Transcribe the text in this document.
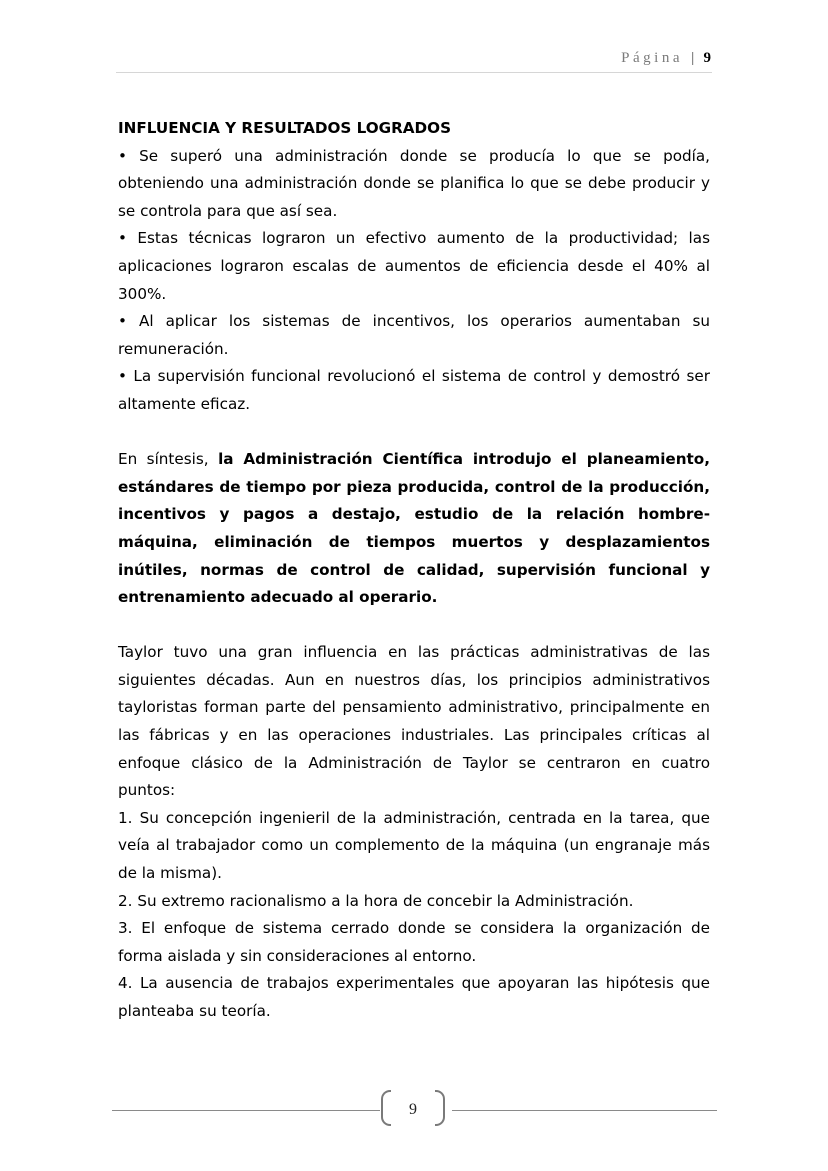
Página | 9

INFLUENCIA Y RESULTADOS LOGRADOS

• Se superó una administración donde se producía lo que se podía, obteniendo una administración donde se planifica lo que se debe producir y se controla para que así sea.

• Estas técnicas lograron un efectivo aumento de la productividad; las aplicaciones lograron escalas de aumentos de eficiencia desde el 40% al 300%.

• Al aplicar los sistemas de incentivos, los operarios aumentaban su remuneración.

• La supervisión funcional revolucionó el sistema de control y demostró ser altamente eficaz.

En síntesis, la Administración Científica introdujo el planeamiento, estándares de tiempo por pieza producida, control de la producción, incentivos y pagos a destajo, estudio de la relación hombre-máquina, eliminación de tiempos muertos y desplazamientos inútiles, normas de control de calidad, supervisión funcional y entrenamiento adecuado al operario.

Taylor tuvo una gran influencia en las prácticas administrativas de las siguientes décadas. Aun en nuestros días, los principios administrativos tayloristas forman parte del pensamiento administrativo, principalmente en las fábricas y en las operaciones industriales. Las principales críticas al enfoque clásico de la Administración de Taylor se centraron en cuatro puntos:

1. Su concepción ingenieril de la administración, centrada en la tarea, que veía al trabajador como un complemento de la máquina (un engranaje más de la misma).

2. Su extremo racionalismo a la hora de concebir la Administración.

3. El enfoque de sistema cerrado donde se considera la organización de forma aislada y sin consideraciones al entorno.

4. La ausencia de trabajos experimentales que apoyaran las hipótesis que planteaba su teoría.

9
